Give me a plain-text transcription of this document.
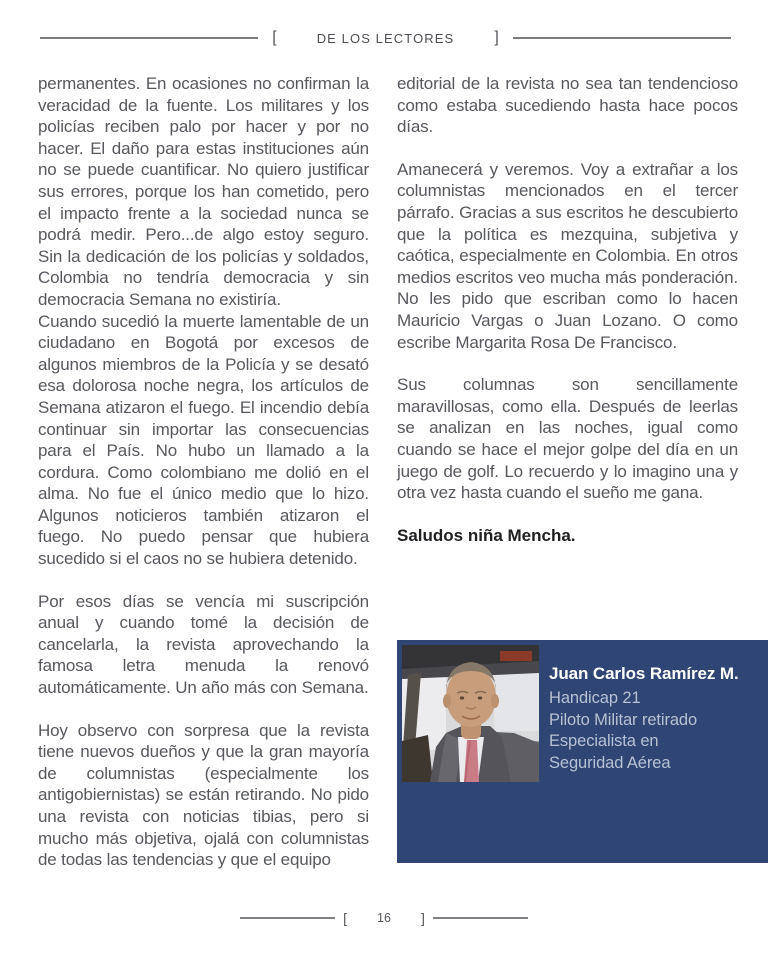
[	DE LOS LECTORES	]

permanentes. En ocasiones no confirman la veracidad de la fuente. Los militares y los policías reciben palo por hacer y por no hacer. El daño para estas instituciones aún no se puede cuantificar. No quiero justificar sus errores, porque los han cometido, pero el impacto frente a la sociedad nunca se podrá medir. Pero...de algo estoy seguro. Sin la dedicación de los policías y soldados, Colombia no tendría democracia y sin democracia Semana no existiría.

Cuando sucedió la muerte lamentable de un ciudadano en Bogotá por excesos de algunos miembros de la Policía y se desató esa dolorosa noche negra, los artículos de Semana atizaron el fuego. El incendio debía continuar sin importar las consecuencias para el País. No hubo un llamado a la cordura. Como colombiano me dolió en el alma. No fue el único medio que lo hizo. Algunos noticieros también atizaron el fuego. No puedo pensar que hubiera sucedido si el caos no se hubiera detenido.

Por esos días se vencía mi suscripción anual y cuando tomé la decisión de cancelarla, la revista aprovechando la famosa letra menuda la renovó automáticamente. Un año más con Semana.

Hoy observo con sorpresa que la revista tiene nuevos dueños y que la gran mayoría de columnistas (especialmente los antigobiernistas) se están retirando. No pido una revista con noticias tibias, pero si mucho más objetiva, ojalá con columnistas de todas las tendencias y que el equipo

editorial de la revista no sea tan tendencioso como estaba sucediendo hasta hace pocos días.

Amanecerá y veremos. Voy a extrañar a los columnistas mencionados en el tercer párrafo. Gracias a sus escritos he descubierto que la política es mezquina, subjetiva y caótica, especialmente en Colombia. En otros medios escritos veo mucha más ponderación. No les pido que escriban como lo hacen Mauricio Vargas o Juan Lozano. O como escribe Margarita Rosa De Francisco.

Sus columnas son sencillamente maravillosas, como ella. Después de leerlas se analizan en las noches, igual como cuando se hace el mejor golpe del día en un juego de golf. Lo recuerdo y lo imagino una y otra vez hasta cuando el sueño me gana.

Saludos niña Mencha.

Juan Carlos Ramírez M.
Handicap 21
Piloto Militar retirado
Especialista en
Seguridad Aérea
[	16	]
